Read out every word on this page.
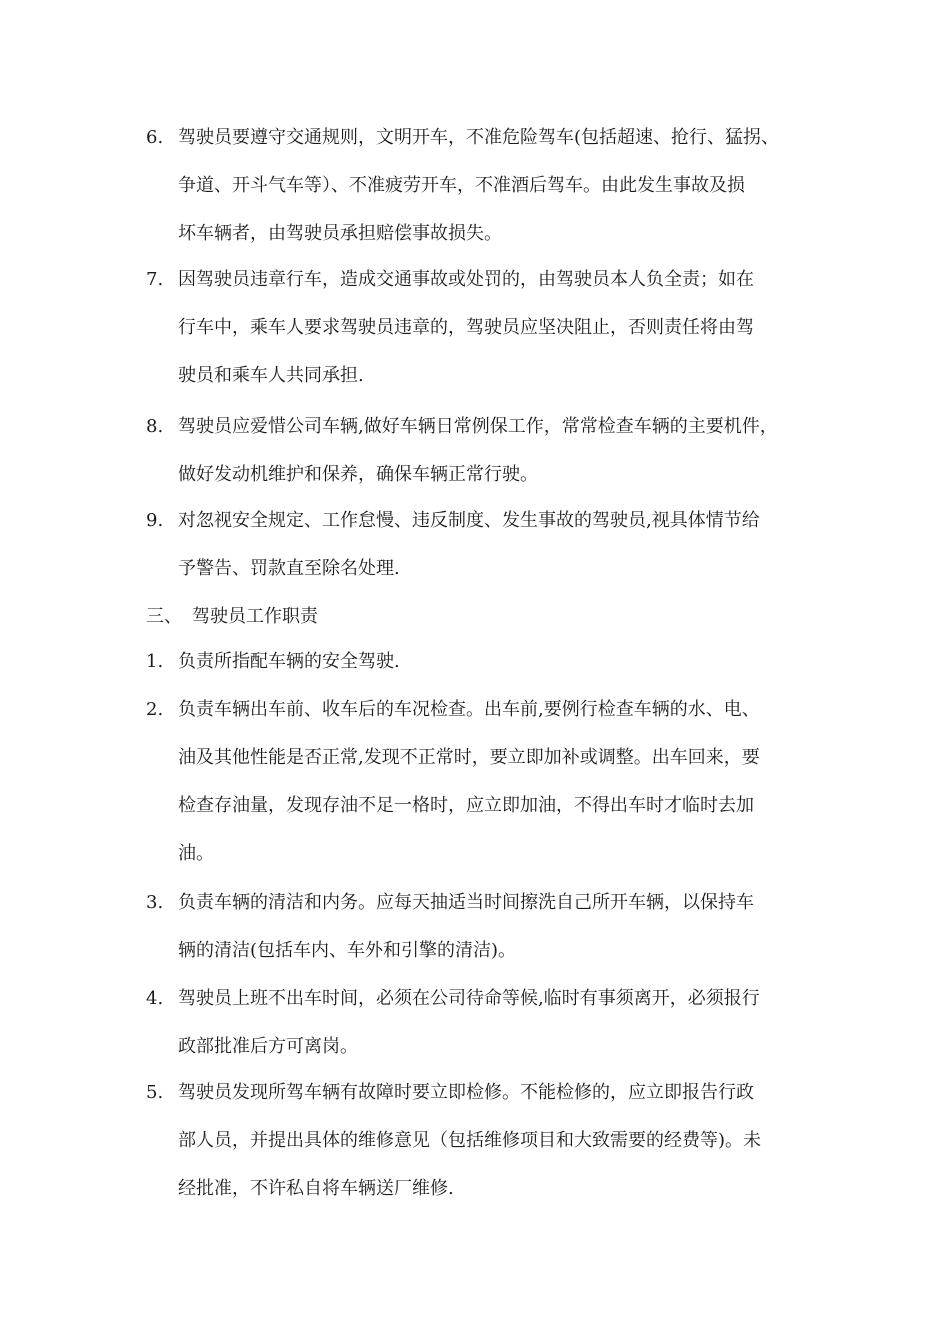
6. 驾驶员要遵守交通规则，文明开车，不准危险驾车(包括超速、抢行、猛拐、
争道、开斗气车等）、不准疲劳开车，不准酒后驾车。由此发生事故及损
坏车辆者，由驾驶员承担赔偿事故损失。
7. 因驾驶员违章行车，造成交通事故或处罚的，由驾驶员本人负全责；如在
行车中，乘车人要求驾驶员违章的，驾驶员应坚决阻止，否则责任将由驾
驶员和乘车人共同承担.
8. 驾驶员应爱惜公司车辆,做好车辆日常例保工作，常常检查车辆的主要机件，
做好发动机维护和保养，确保车辆正常行驶。
9. 对忽视安全规定、工作怠慢、违反制度、发生事故的驾驶员,视具体情节给
予警告、罚款直至除名处理.
三、 驾驶员工作职责
1. 负责所指配车辆的安全驾驶.
2. 负责车辆出车前、收车后的车况检查。出车前,要例行检查车辆的水、电、
油及其他性能是否正常,发现不正常时，要立即加补或调整。出车回来，要
检查存油量，发现存油不足一格时，应立即加油，不得出车时才临时去加
油。
3. 负责车辆的清洁和内务。应每天抽适当时间擦洗自己所开车辆，以保持车
辆的清洁(包括车内、车外和引擎的清洁)。
4. 驾驶员上班不出车时间，必须在公司待命等候,临时有事须离开，必须报行
政部批准后方可离岗。
5. 驾驶员发现所驾车辆有故障时要立即检修。不能检修的，应立即报告行政
部人员，并提出具体的维修意见（包括维修项目和大致需要的经费等)。未
经批准，不许私自将车辆送厂维修.
